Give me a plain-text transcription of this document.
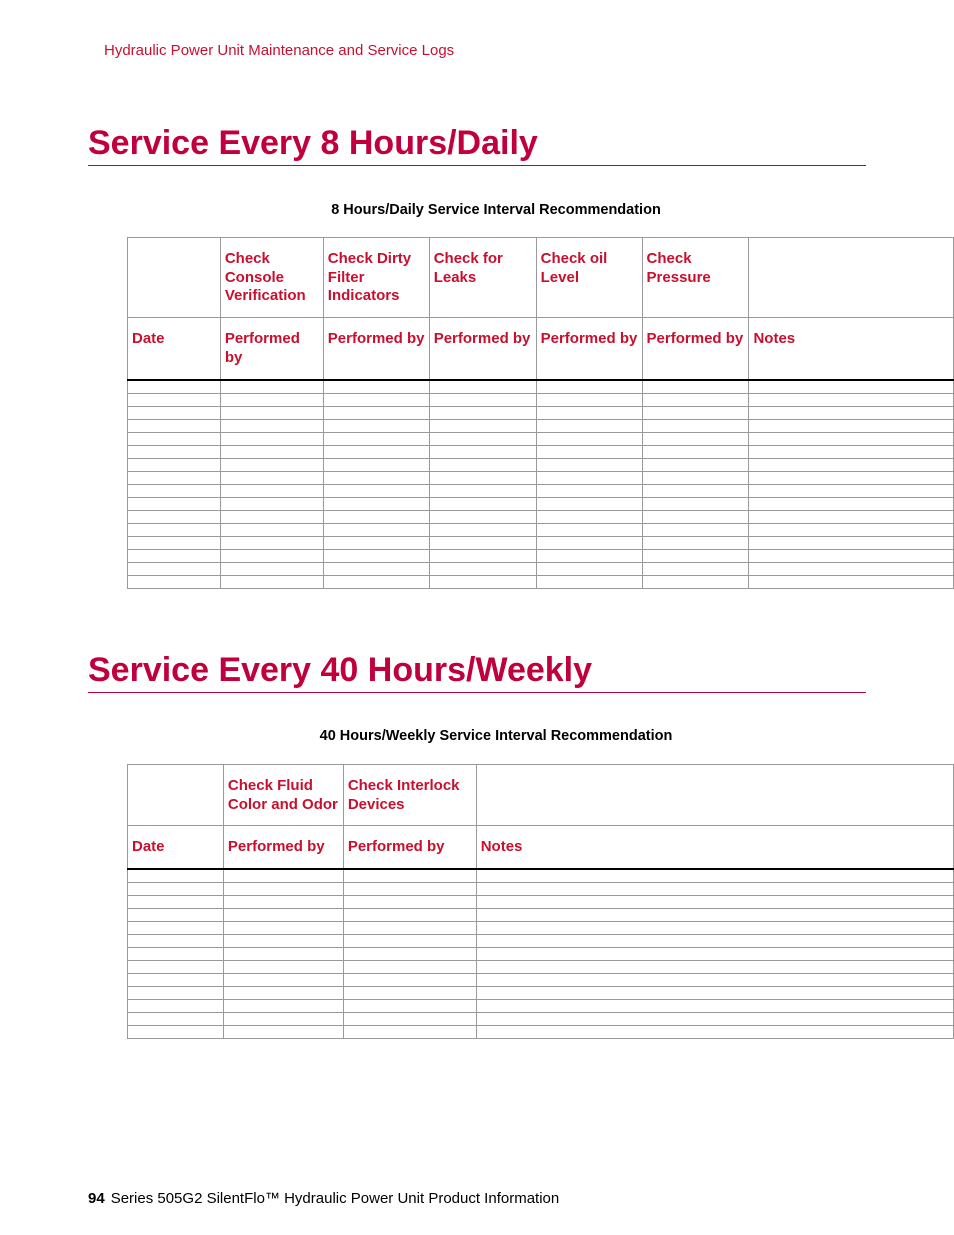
Hydraulic Power Unit Maintenance and Service Logs
Service Every 8 Hours/Daily
8 Hours/Daily Service Interval Recommendation

	Check Console Verification	Check Dirty Filter Indicators	Check for Leaks	Check oil Level	Check Pressure	

Date	Performed by	Performed by	Performed by	Performed by	Performed by	Notes

Service Every 40 Hours/Weekly
40 Hours/Weekly Service Interval Recommendation

	Check Fluid Color and Odor	Check Interlock Devices	

Date	Performed by	Performed by	Notes

94 Series 505G2 SilentFlo™ Hydraulic Power Unit Product Information
